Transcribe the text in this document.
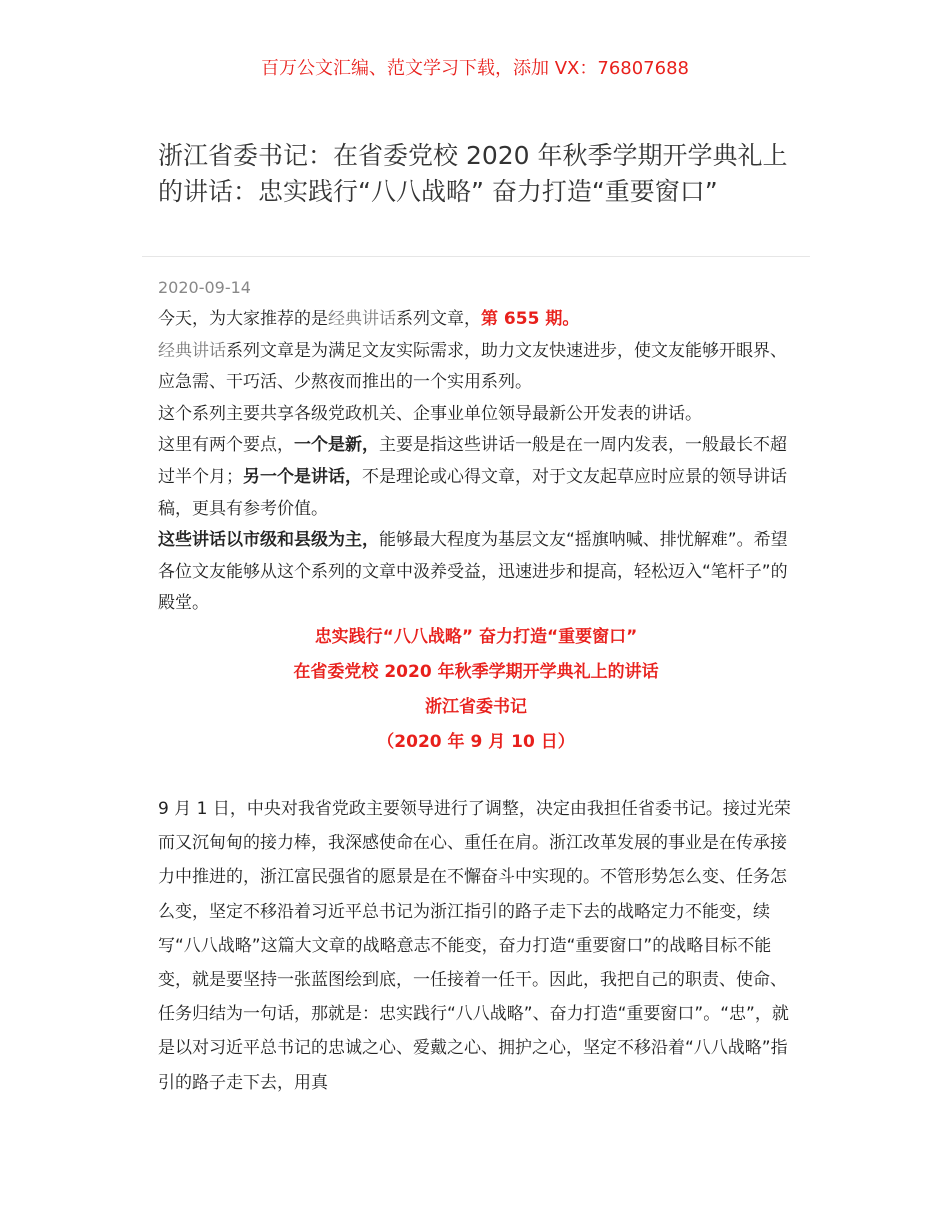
百万公文汇编、范文学习下载，添加 VX：76807688
浙江省委书记：在省委党校 2020 年秋季学期开学典礼上的讲话：忠实践行“八八战略” 奋力打造“重要窗口”

2020-09-14

今天，为大家推荐的是经典讲话系列文章，第 655 期。

经典讲话系列文章是为满足文友实际需求，助力文友快速进步，使文友能够开眼界、应急需、干巧活、少熬夜而推出的一个实用系列。

这个系列主要共享各级党政机关、企事业单位领导最新公开发表的讲话。

这里有两个要点，一个是新，主要是指这些讲话一般是在一周内发表，一般最长不超过半个月；另一个是讲话，不是理论或心得文章，对于文友起草应时应景的领导讲话稿，更具有参考价值。

这些讲话以市级和县级为主，能够最大程度为基层文友“摇旗呐喊、排忧解难”。希望各位文友能够从这个系列的文章中汲养受益，迅速进步和提高，轻松迈入“笔杆子”的殿堂。

忠实践行“八八战略” 奋力打造“重要窗口”

在省委党校 2020 年秋季学期开学典礼上的讲话

浙江省委书记

（2020 年 9 月 10 日）

9 月 1 日，中央对我省党政主要领导进行了调整，决定由我担任省委书记。接过光荣而又沉甸甸的接力棒，我深感使命在心、重任在肩。浙江改革发展的事业是在传承接力中推进的，浙江富民强省的愿景是在不懈奋斗中实现的。不管形势怎么变、任务怎么变，坚定不移沿着习近平总书记为浙江指引的路子走下去的战略定力不能变，续写“八八战略”这篇大文章的战略意志不能变，奋力打造“重要窗口”的战略目标不能变，就是要坚持一张蓝图绘到底，一任接着一任干。因此，我把自己的职责、使命、任务归结为一句话，那就是：忠实践行“八八战略”、奋力打造“重要窗口”。“忠”，就是以对习近平总书记的忠诚之心、爱戴之心、拥护之心，坚定不移沿着“八八战略”指引的路子走下去，用真
